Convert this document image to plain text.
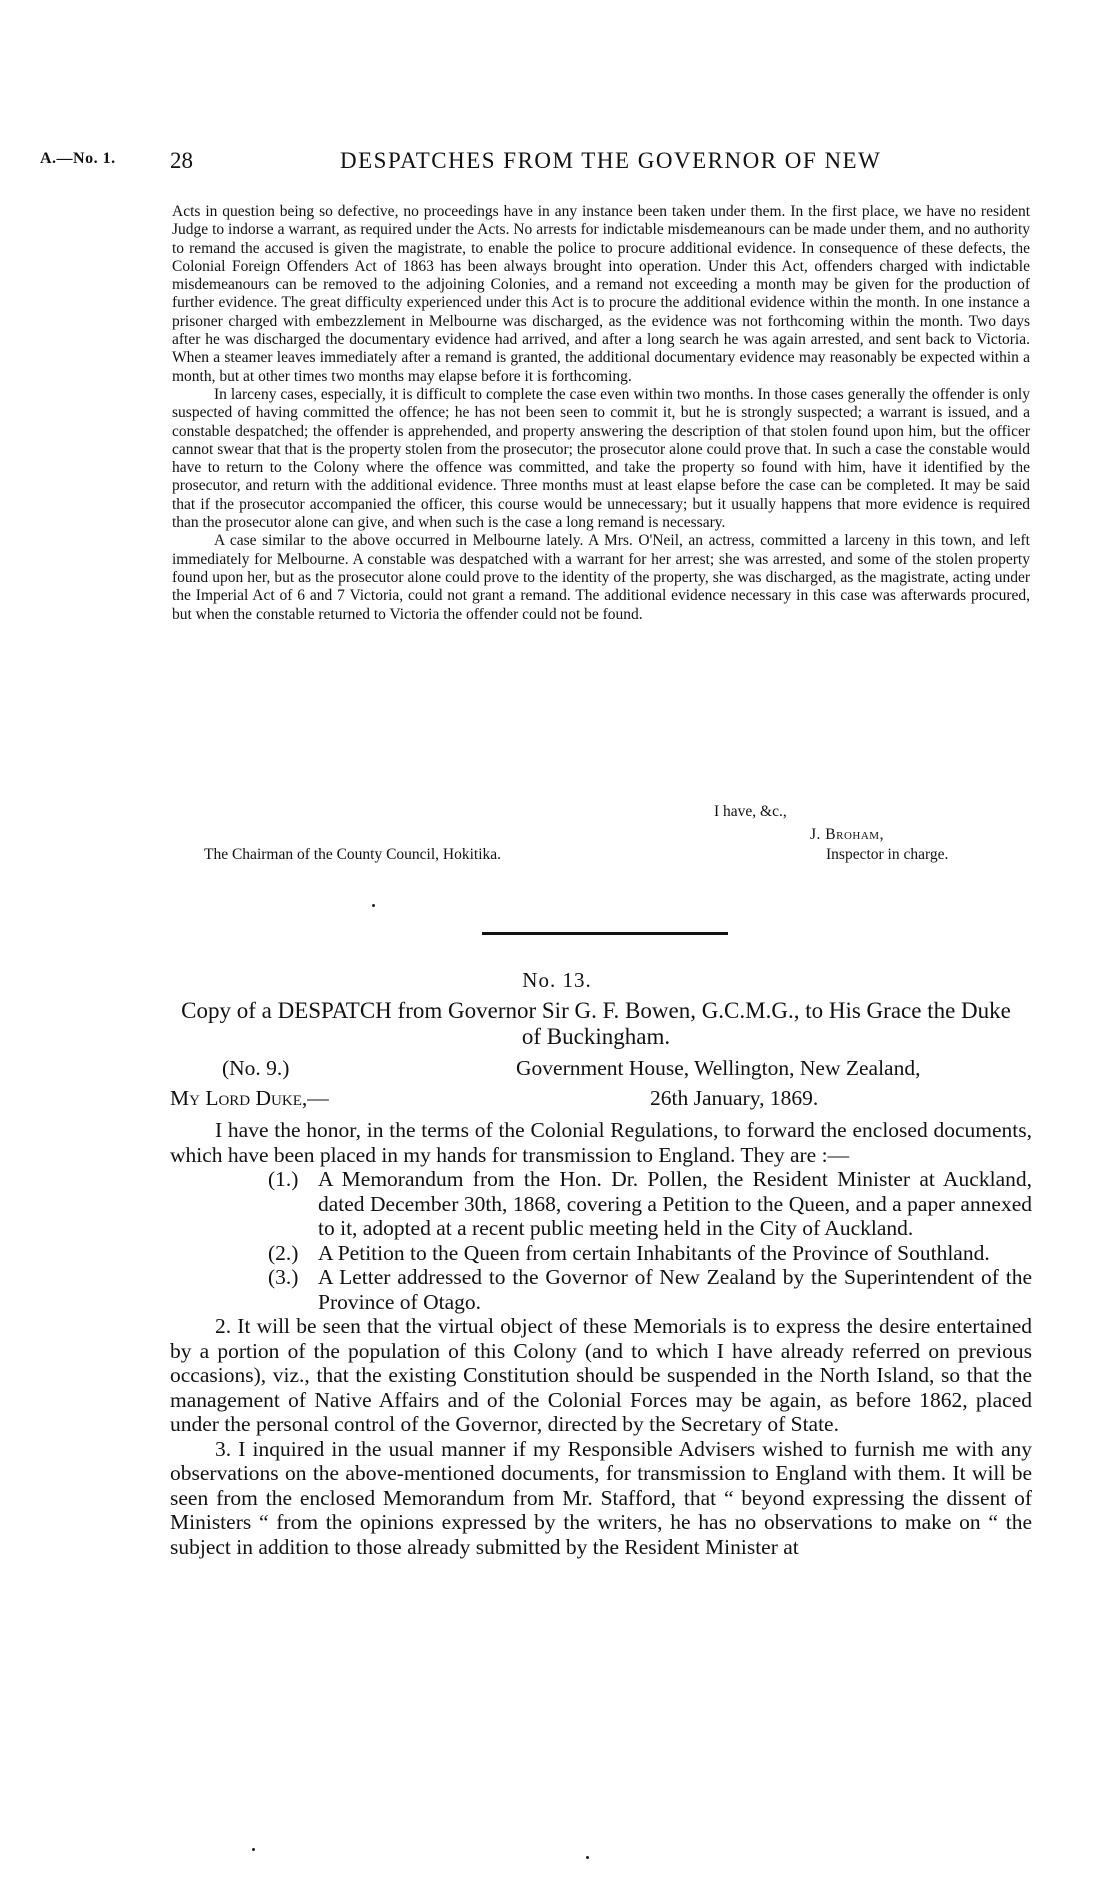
A.—No. 1. 28	DESPATCHES FROM THE GOVERNOR OF NEW

Acts in question being so defective, no proceedings have in any instance been taken under them. In the first place, we have no resident Judge to indorse a warrant, as required under the Acts. No arrests for indictable misdemeanours can be made under them, and no authority to remand the accused is given the magistrate, to enable the police to procure additional evidence. In consequence of these defects, the Colonial Foreign Offenders Act of 1863 has been always brought into operation. Under this Act, offenders charged with indictable misdemeanours can be removed to the adjoining Colonies, and a remand not exceeding a month may be given for the production of further evidence. The great difficulty experienced under this Act is to procure the additional evidence within the month. In one instance a prisoner charged with embezzlement in Melbourne was discharged, as the evidence was not forthcoming within the month. Two days after he was discharged the documentary evidence had arrived, and after a long search he was again arrested, and sent back to Victoria. When a steamer leaves immediately after a remand is granted, the additional documentary evidence may reasonably be expected within a month, but at other times two months may elapse before it is forthcoming.

In larceny cases, especially, it is difficult to complete the case even within two months. In those cases generally the offender is only suspected of having committed the offence; he has not been seen to commit it, but he is strongly suspected; a warrant is issued, and a constable despatched; the offender is apprehended, and property answering the description of that stolen found upon him, but the officer cannot swear that that is the property stolen from the prosecutor; the prosecutor alone could prove that. In such a case the constable would have to return to the Colony where the offence was committed, and take the property so found with him, have it identified by the prosecutor, and return with the additional evidence. Three months must at least elapse before the case can be completed. It may be said that if the prosecutor accompanied the officer, this course would be unnecessary; but it usually happens that more evidence is required than the prosecutor alone can give, and when such is the case a long remand is necessary.

A case similar to the above occurred in Melbourne lately. A Mrs. O'Neil, an actress, committed a larceny in this town, and left immediately for Melbourne. A constable was despatched with a warrant for her arrest; she was arrested, and some of the stolen property found upon her, but as the prosecutor alone could prove to the identity of the property, she was discharged, as the magistrate, acting under the Imperial Act of 6 and 7 Victoria, could not grant a remand. The additional evidence necessary in this case was afterwards procured, but when the constable returned to Victoria the offender could not be found.

I have, &c.,
J. Broham,
The Chairman of the County Council, Hokitika.	Inspector in charge.
No. 13.
Copy of a DESPATCH from Governor Sir G. F. Bowen, G.C.M.G., to His Grace the Duke of Buckingham.
(No. 9.)	Government House, Wellington, New Zealand,
My Lord Duke,—	26th January, 1869.

I have the honor, in the terms of the Colonial Regulations, to forward the enclosed documents, which have been placed in my hands for transmission to England. They are :—

(1.) A Memorandum from the Hon. Dr. Pollen, the Resident Minister at Auckland, dated December 30th, 1868, covering a Petition to the Queen, and a paper annexed to it, adopted at a recent public meeting held in the City of Auckland.

(2.) A Petition to the Queen from certain Inhabitants of the Province of Southland.

(3.) A Letter addressed to the Governor of New Zealand by the Superintendent of the Province of Otago.

2. It will be seen that the virtual object of these Memorials is to express the desire entertained by a portion of the population of this Colony (and to which I have already referred on previous occasions), viz., that the existing Constitution should be suspended in the North Island, so that the management of Native Affairs and of the Colonial Forces may be again, as before 1862, placed under the personal control of the Governor, directed by the Secretary of State.

3. I inquired in the usual manner if my Responsible Advisers wished to furnish me with any observations on the above-mentioned documents, for transmission to England with them. It will be seen from the enclosed Memorandum from Mr. Stafford, that “ beyond expressing the dissent of Ministers “ from the opinions expressed by the writers, he has no observations to make on “ the subject in addition to those already submitted by the Resident Minister at
